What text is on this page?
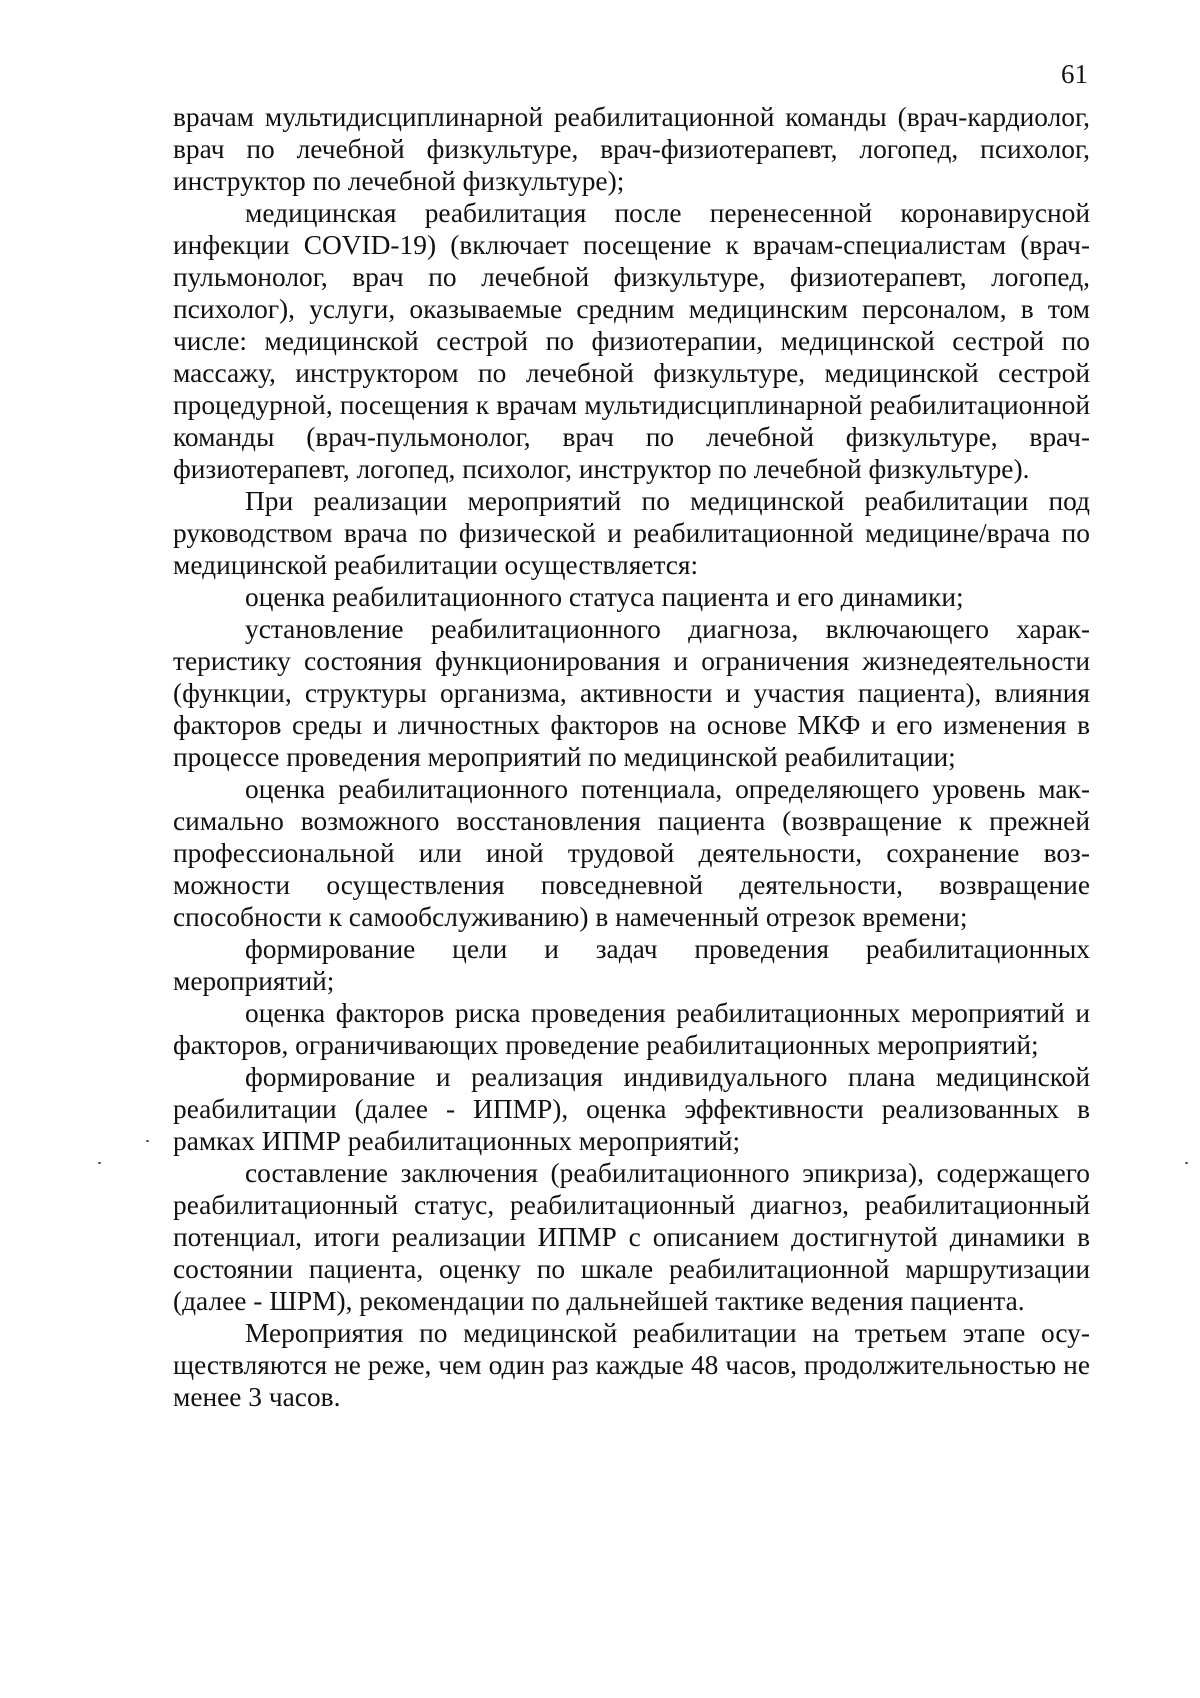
61

врачам мультидисциплинарной реабилитационной команды (врач-кардиолог, врач по лечебной физкультуре, врач-физиотерапевт, логопед, психолог, инструктор по лечебной физкультуре);

медицинская реабилитация после перенесенной коронавирусной инфекции COVID-19) (включает посещение к врачам-специалистам (врач-пульмонолог, врач по лечебной физкультуре, физиотерапевт, логопед, психолог), услуги, оказываемые средним медицинским персоналом, в том числе: медицинской сестрой по физиотерапии, медицинской сестрой по массажу, инструктором по лечебной физкультуре, медицинской сестрой процедурной, посещения к врачам мультидисциплинарной реабилитационной команды (врач-пульмонолог, врач по лечебной физкультуре, врач-физиотерапевт, логопед, психолог, инструктор по лечебной физкультуре).

При реализации мероприятий по медицинской реабилитации под руководством врача по физической и реабилитационной медицине/врача по медицинской реабилитации осуществляется:

оценка реабилитационного статуса пациента и его динамики;

установление реабилитационного диагноза, включающего характеристику состояния функционирования и ограничения жизнедеятельности (функции, структуры организма, активности и участия пациента), влияния факторов среды и личностных факторов на основе МКФ и его изменения в процессе проведения мероприятий по медицинской реабилитации;

оценка реабилитационного потенциала, определяющего уровень максимально возможного восстановления пациента (возвращение к прежней профессиональной или иной трудовой деятельности, сохранение возможности осуществления повседневной деятельности, возвращение способности к самообслуживанию) в намеченный отрезок времени;

формирование цели и задач проведения реабилитационных мероприятий;

оценка факторов риска проведения реабилитационных мероприятий и факторов, ограничивающих проведение реабилитационных мероприятий;

формирование и реализация индивидуального плана медицинской реабилитации (далее - ИПМР), оценка эффективности реализованных в рамках ИПМР реабилитационных мероприятий;

составление заключения (реабилитационного эпикриза), содержащего реабилитационный статус, реабилитационный диагноз, реабилитационный потенциал, итоги реализации ИПМР с описанием достигнутой динамики в состоянии пациента, оценку по шкале реабилитационной маршрутизации (далее - ШРМ), рекомендации по дальнейшей тактике ведения пациента.

Мероприятия по медицинской реабилитации на третьем этапе осуществляются не реже, чем один раз каждые 48 часов, продолжительностью не менее 3 часов.
